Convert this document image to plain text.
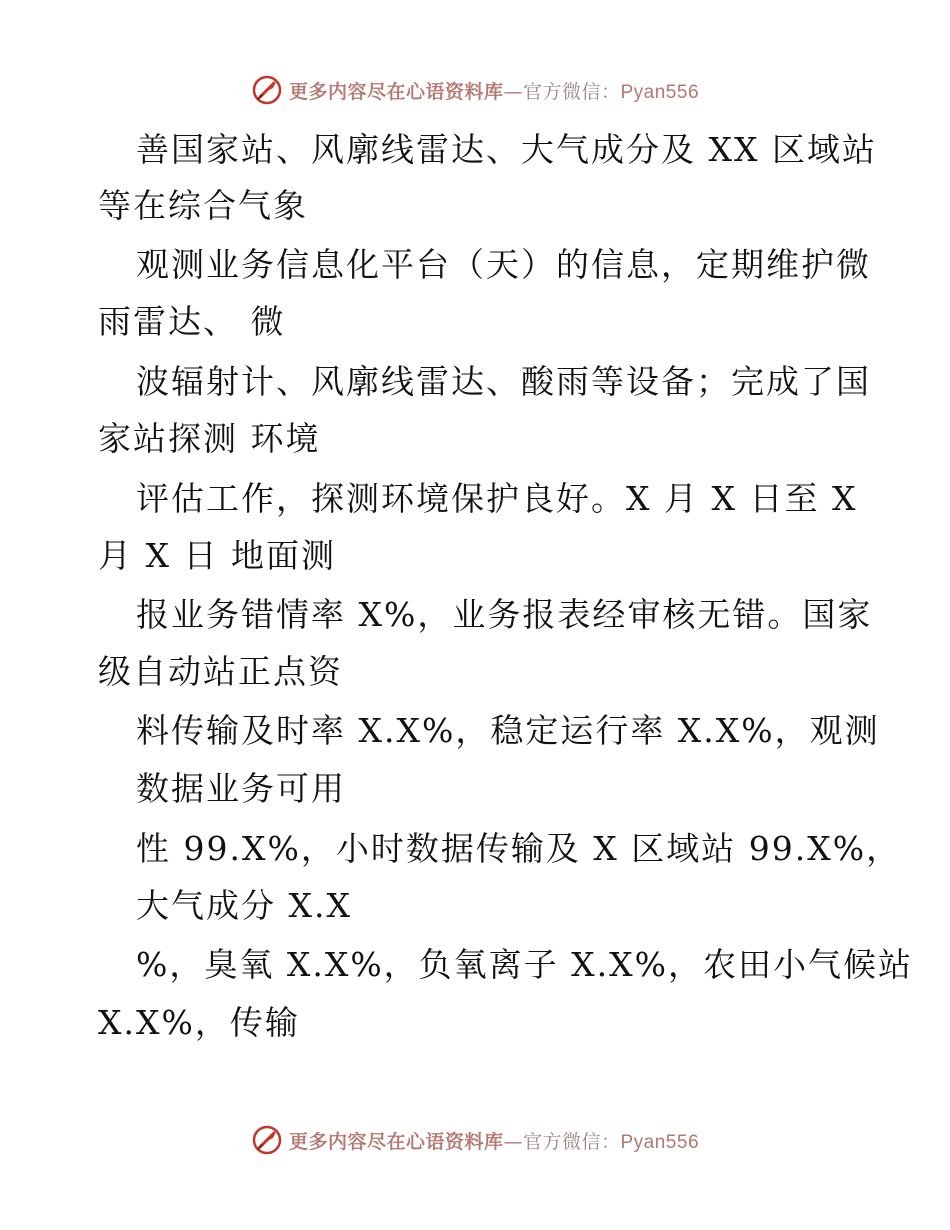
更多内容尽在心语资料库—官方微信：Pyan556
善国家站、风廓线雷达、大气成分及 XX 区域站
等在综合气象
观测业务信息化平台（天）的信息，定期维护微
雨雷达、 微
波辐射计、风廓线雷达、酸雨等设备；完成了国
家站探测 环境
评估工作，探测环境保护良好。X 月 X 日至 X
月 X 日 地面测
报业务错情率 X%，业务报表经审核无错。国家
级自动站正点资
料传输及时率 X.X%，稳定运行率 X.X%，观测
数据业务可用
性 99.X%，小时数据传输及 X 区域站 99.X%，
大气成分 X.X
%，臭氧 X.X%，负氧离子 X.X%，农田小气候站
X.X%，传输
更多内容尽在心语资料库—官方微信：Pyan556
